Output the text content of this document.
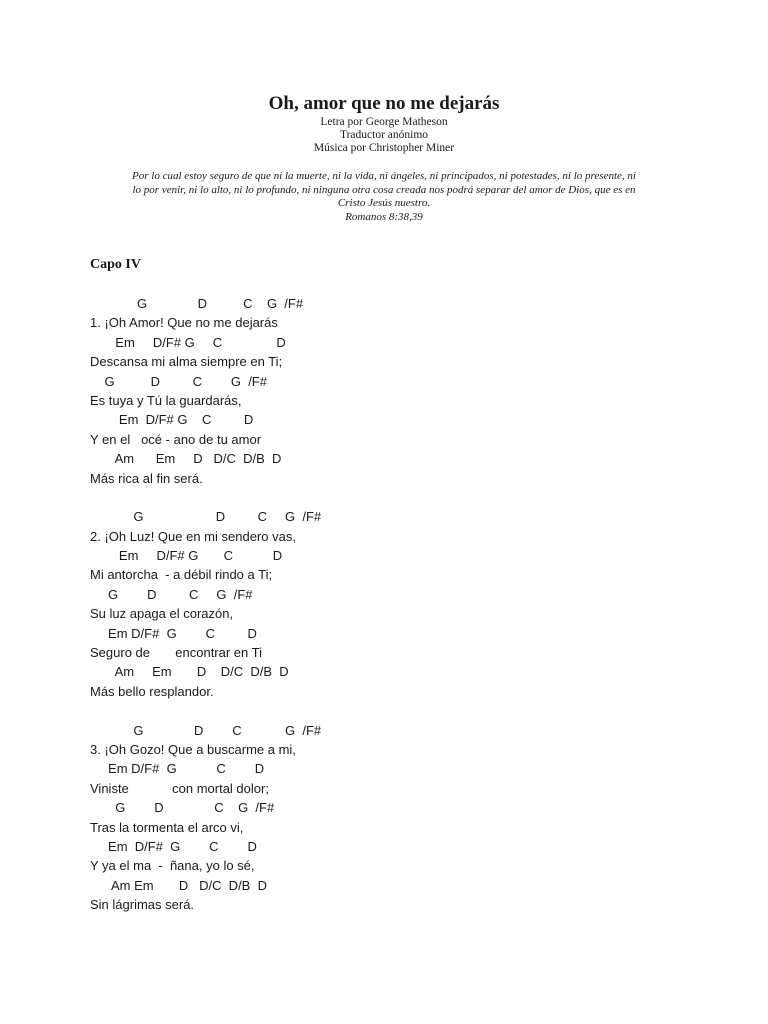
Oh, amor que no me dejarás
Letra por George Matheson
Traductor anónimo
Música por Christopher Miner
Por lo cual estoy seguro de que ni la muerte, ni la vida, ni ángeles, ni principados, ni potestades, ni lo presente, ni
lo por venir, ni lo alto, ni lo profundo, ni ninguna otra cosa creada nos podrá separar del amor de Dios, que es en
Cristo Jesús nuestro.
Romanos 8:38,39
Capo IV
G              D          C    G  /F#
1. ¡Oh Amor! Que no me dejarás
Em     D/F# G     C               D
Descansa mi alma siempre en Ti;
G          D         C        G  /F#
Es tuya y Tú la guardarás,
Em  D/F# G    C         D
Y en el   océ - ano de tu amor
Am      Em     D   D/C  D/B  D
Más rica al fin será.
G                    D         C     G  /F#
2. ¡Oh Luz! Que en mi sendero vas,
Em     D/F# G       C           D
Mi antorcha  - a débil rindo a Ti;
G        D         C     G  /F#
Su luz apaga el corazón,
Em D/F#  G        C         D
Seguro de       encontrar en Ti
Am     Em       D    D/C  D/B  D
Más bello resplandor.
G              D        C            G  /F#
3. ¡Oh Gozo! Que a buscarme a mi,
Em D/F#  G           C        D
Viniste            con mortal dolor;
G        D              C    G  /F#
Tras la tormenta el arco vi,
Em  D/F#  G        C        D
Y ya el ma  -  ñana, yo lo sé,
Am Em       D   D/C  D/B  D
Sin lágrimas será.
